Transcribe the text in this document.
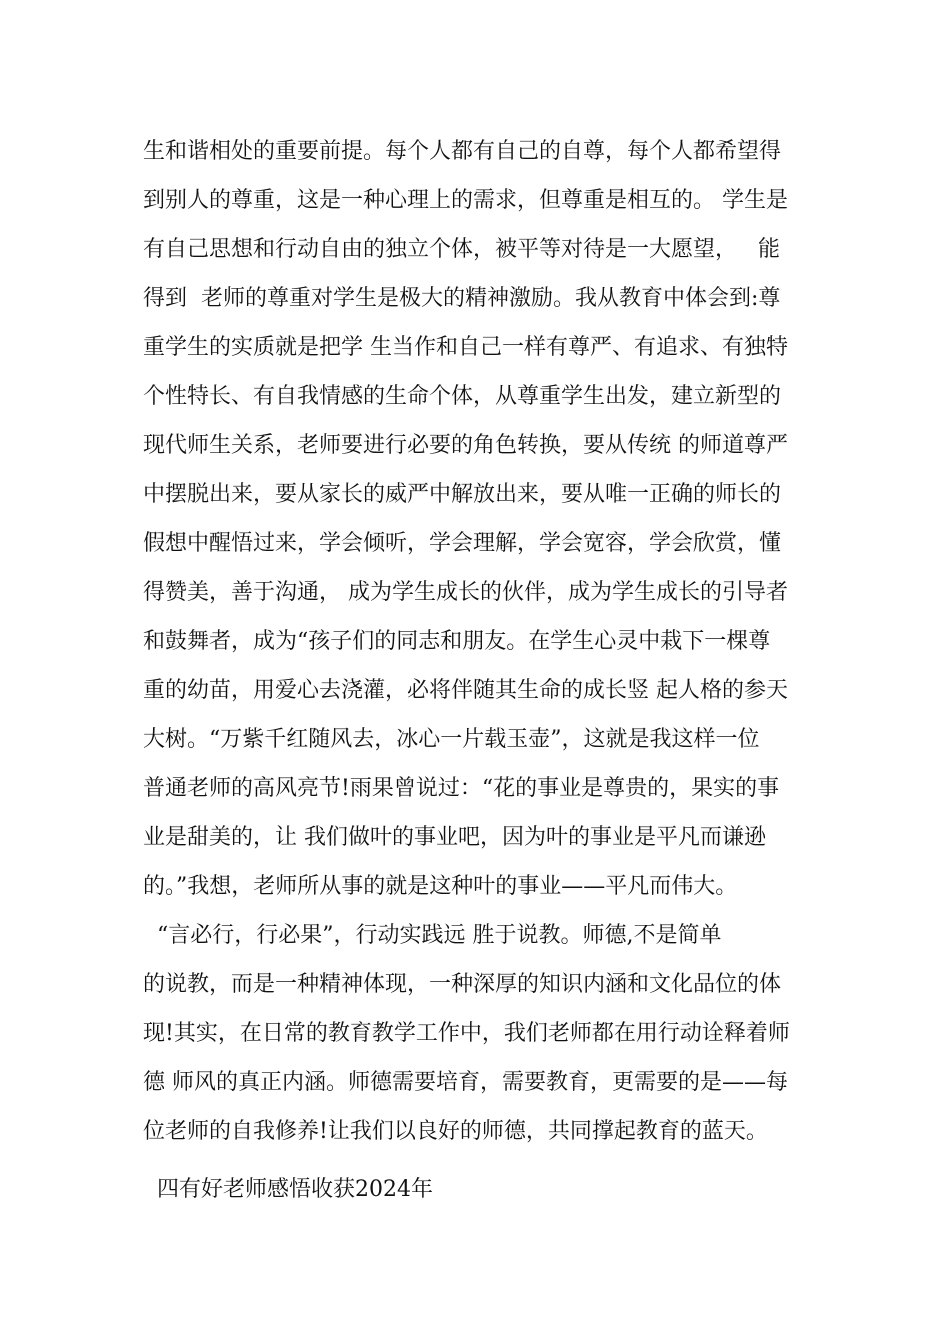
生和谐相处的重要前提。每个人都有自己的自尊，每个人都希望得

到别人的尊重，这是一种心理上的需求，但尊重是相互的。 学生是

有自己思想和行动自由的独立个体，被平等对待是一大愿望，   能

得到  老师的尊重对学生是极大的精神激励。我从教育中体会到:尊

重学生的实质就是把学 生当作和自己一样有尊严、有追求、有独特

个性特长、有自我情感的生命个体，从尊重学生出发，建立新型的

现代师生关系，老师要进行必要的角色转换，要从传统 的师道尊严

中摆脱出来，要从家长的威严中解放出来，要从唯一正确的师长的

假想中醒悟过来，学会倾听，学会理解，学会宽容，学会欣赏，懂

得赞美，善于沟通， 成为学生成长的伙伴，成为学生成长的引导者

和鼓舞者，成为“孩子们的同志和朋友。在学生心灵中栽下一棵尊

重的幼苗，用爱心去浇灌，必将伴随其生命的成长竖 起人格的参天

大树。“万紫千红随风去，冰心一片载玉壶”，这就是我这样一位

普通老师的高风亮节!雨果曾说过：“花的事业是尊贵的，果实的事

业是甜美的，让 我们做叶的事业吧，因为叶的事业是平凡而谦逊

的。”我想，老师所从事的就是这种叶的事业——平凡而伟大。

“言必行，行必果”，行动实践远 胜于说教。师德,不是简单

的说教，而是一种精神体现，一种深厚的知识内涵和文化品位的体

现!其实，在日常的教育教学工作中，我们老师都在用行动诠释着师

德 师风的真正内涵。师德需要培育，需要教育，更需要的是——每

位老师的自我修养!让我们以良好的师德，共同撑起教育的蓝天。

四有好老师感悟收获2024年
